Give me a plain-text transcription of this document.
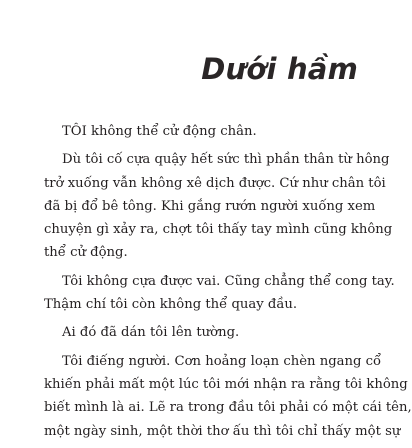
Dưới hầm
TÔI không thể cử động chân.
Dù tôi cố cựa quậy hết sức thì phần thân từ hông
trở xuống vẫn không xê dịch được. Cứ như chân tôi
đã bị đổ bê tông. Khi gắng rướn người xuống xem
chuyện gì xảy ra, chợt tôi thấy tay mình cũng không
thể cử động.
Tôi không cựa được vai. Cũng chẳng thể cong tay.
Thậm chí tôi còn không thể quay đầu.
Ai đó đã dán tôi lên tường.
Tôi điếng người. Cơn hoảng loạn chèn ngang cổ
khiến phải mất một lúc tôi mới nhận ra rằng tôi không
biết mình là ai. Lẽ ra trong đầu tôi phải có một cái tên,
một ngày sinh, một thời thơ ấu thì tôi chỉ thấy một sự
